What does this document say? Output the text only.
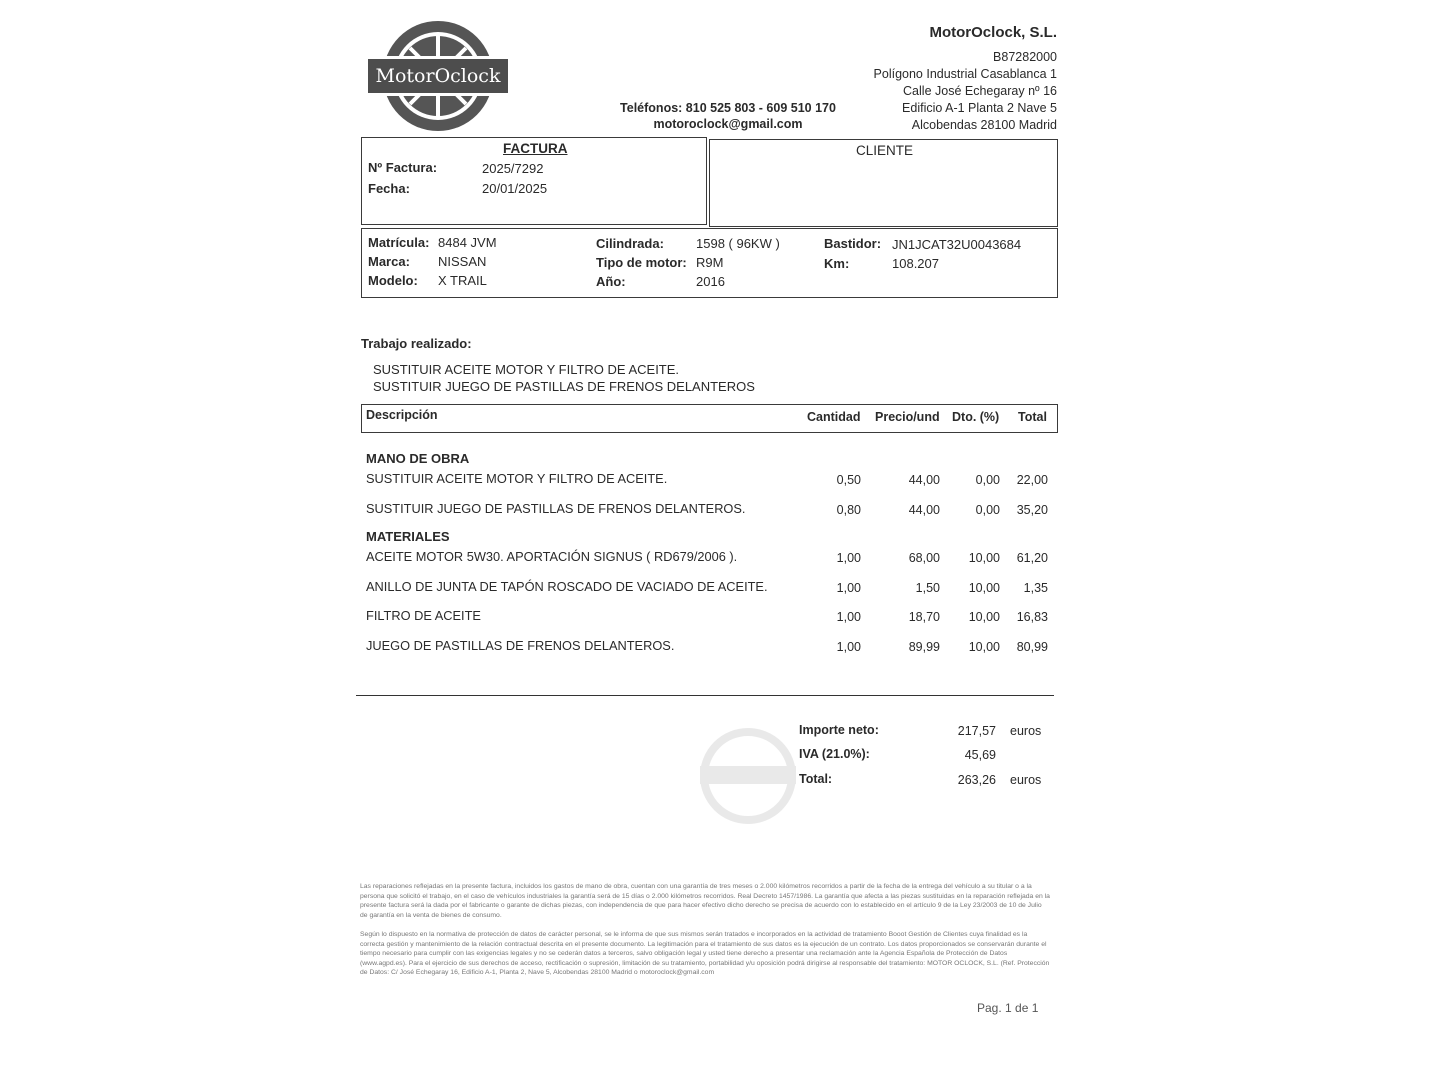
MotorOclock
MotorOclock, S.L.
B87282000
Polígono Industrial Casablanca 1
Calle José Echegaray nº 16
Edificio A-1 Planta 2 Nave 5
Alcobendas 28100 Madrid
Teléfonos: 810 525 803 - 609 510 170
motoroclock@gmail.com
FACTURA
Nº Factura:	2025/7292
Fecha:	20/01/2025
CLIENTE
Matrícula: 8484 JVM
Marca: NISSAN
Modelo: X TRAIL
Cilindrada: 1598 ( 96KW )
Tipo de motor: R9M
Año:	2016
Bastidor: JN1JCAT32U0043684
Km:	108.207
Trabajo realizado:
SUSTITUIR ACEITE MOTOR Y FILTRO DE ACEITE.
SUSTITUIR JUEGO DE PASTILLAS DE FRENOS DELANTEROS
Descripción	Cantidad Precio/und Dto. (%) Total
MANO DE OBRA
SUSTITUIR ACEITE MOTOR Y FILTRO DE ACEITE.	0,50	44,00	0,00	22,00
SUSTITUIR JUEGO DE PASTILLAS DE FRENOS DELANTEROS.	0,80	44,00	0,00	35,20
MATERIALES
ACEITE MOTOR 5W30. APORTACIÓN SIGNUS ( RD679/2006 ).	1,00	68,00	10,00	61,20
ANILLO DE JUNTA DE TAPÓN ROSCADO DE VACIADO DE ACEITE.	1,00	1,50	10,00	1,35
FILTRO DE ACEITE	1,00	18,70	10,00	16,83
JUEGO DE PASTILLAS DE FRENOS DELANTEROS.	1,00	89,99	10,00	80,99
Importe neto:	217,57 euros
IVA (21.0%):	45,69
Total:	263,26 euros
Las reparaciones reflejadas en la presente factura, incluidos los gastos de mano de obra, cuentan con una garantía de tres meses o 2.000 kilómetros recorridos a partir de la fecha de la entrega del vehículo a su titular o a la persona que solicitó el trabajo, en el caso de vehículos industriales la garantía será de 15 días o 2.000 kilómetros recorridos. Real Decreto 1457/1986. La garantía que afecta a las piezas sustituidas en la reparación reflejada en la presente factura será la dada por el fabricante o garante de dichas piezas, con independencia de que para hacer efectivo dicho derecho se precisa de acuerdo con lo establecido en el artículo 9 de la Ley 23/2003 de 10 de Julio de garantía en la venta de bienes de consumo.
Según lo dispuesto en la normativa de protección de datos de carácter personal, se le informa de que sus mismos serán tratados e incorporados en la actividad de tratamiento Booot Gestión de Clientes cuya finalidad es la correcta gestión y mantenimiento de la relación contractual descrita en el presente documento. La legitimación para el tratamiento de sus datos es la ejecución de un contrato. Los datos proporcionados se conservarán durante el tiempo necesario para cumplir con las exigencias legales y no se cederán datos a terceros, salvo obligación legal y usted tiene derecho a presentar una reclamación ante la Agencia Española de Protección de Datos (www.agpd.es). Para el ejercicio de sus derechos de acceso, rectificación o supresión, limitación de su tratamiento, portabilidad y/u oposición podrá dirigirse al responsable del tratamiento: MOTOR OCLOCK, S.L. (Ref. Protección de Datos: C/ José Echegaray 16, Edificio A-1, Planta 2, Nave 5, Alcobendas 28100 Madrid o motoroclock@gmail.com
Pag. 1 de 1
